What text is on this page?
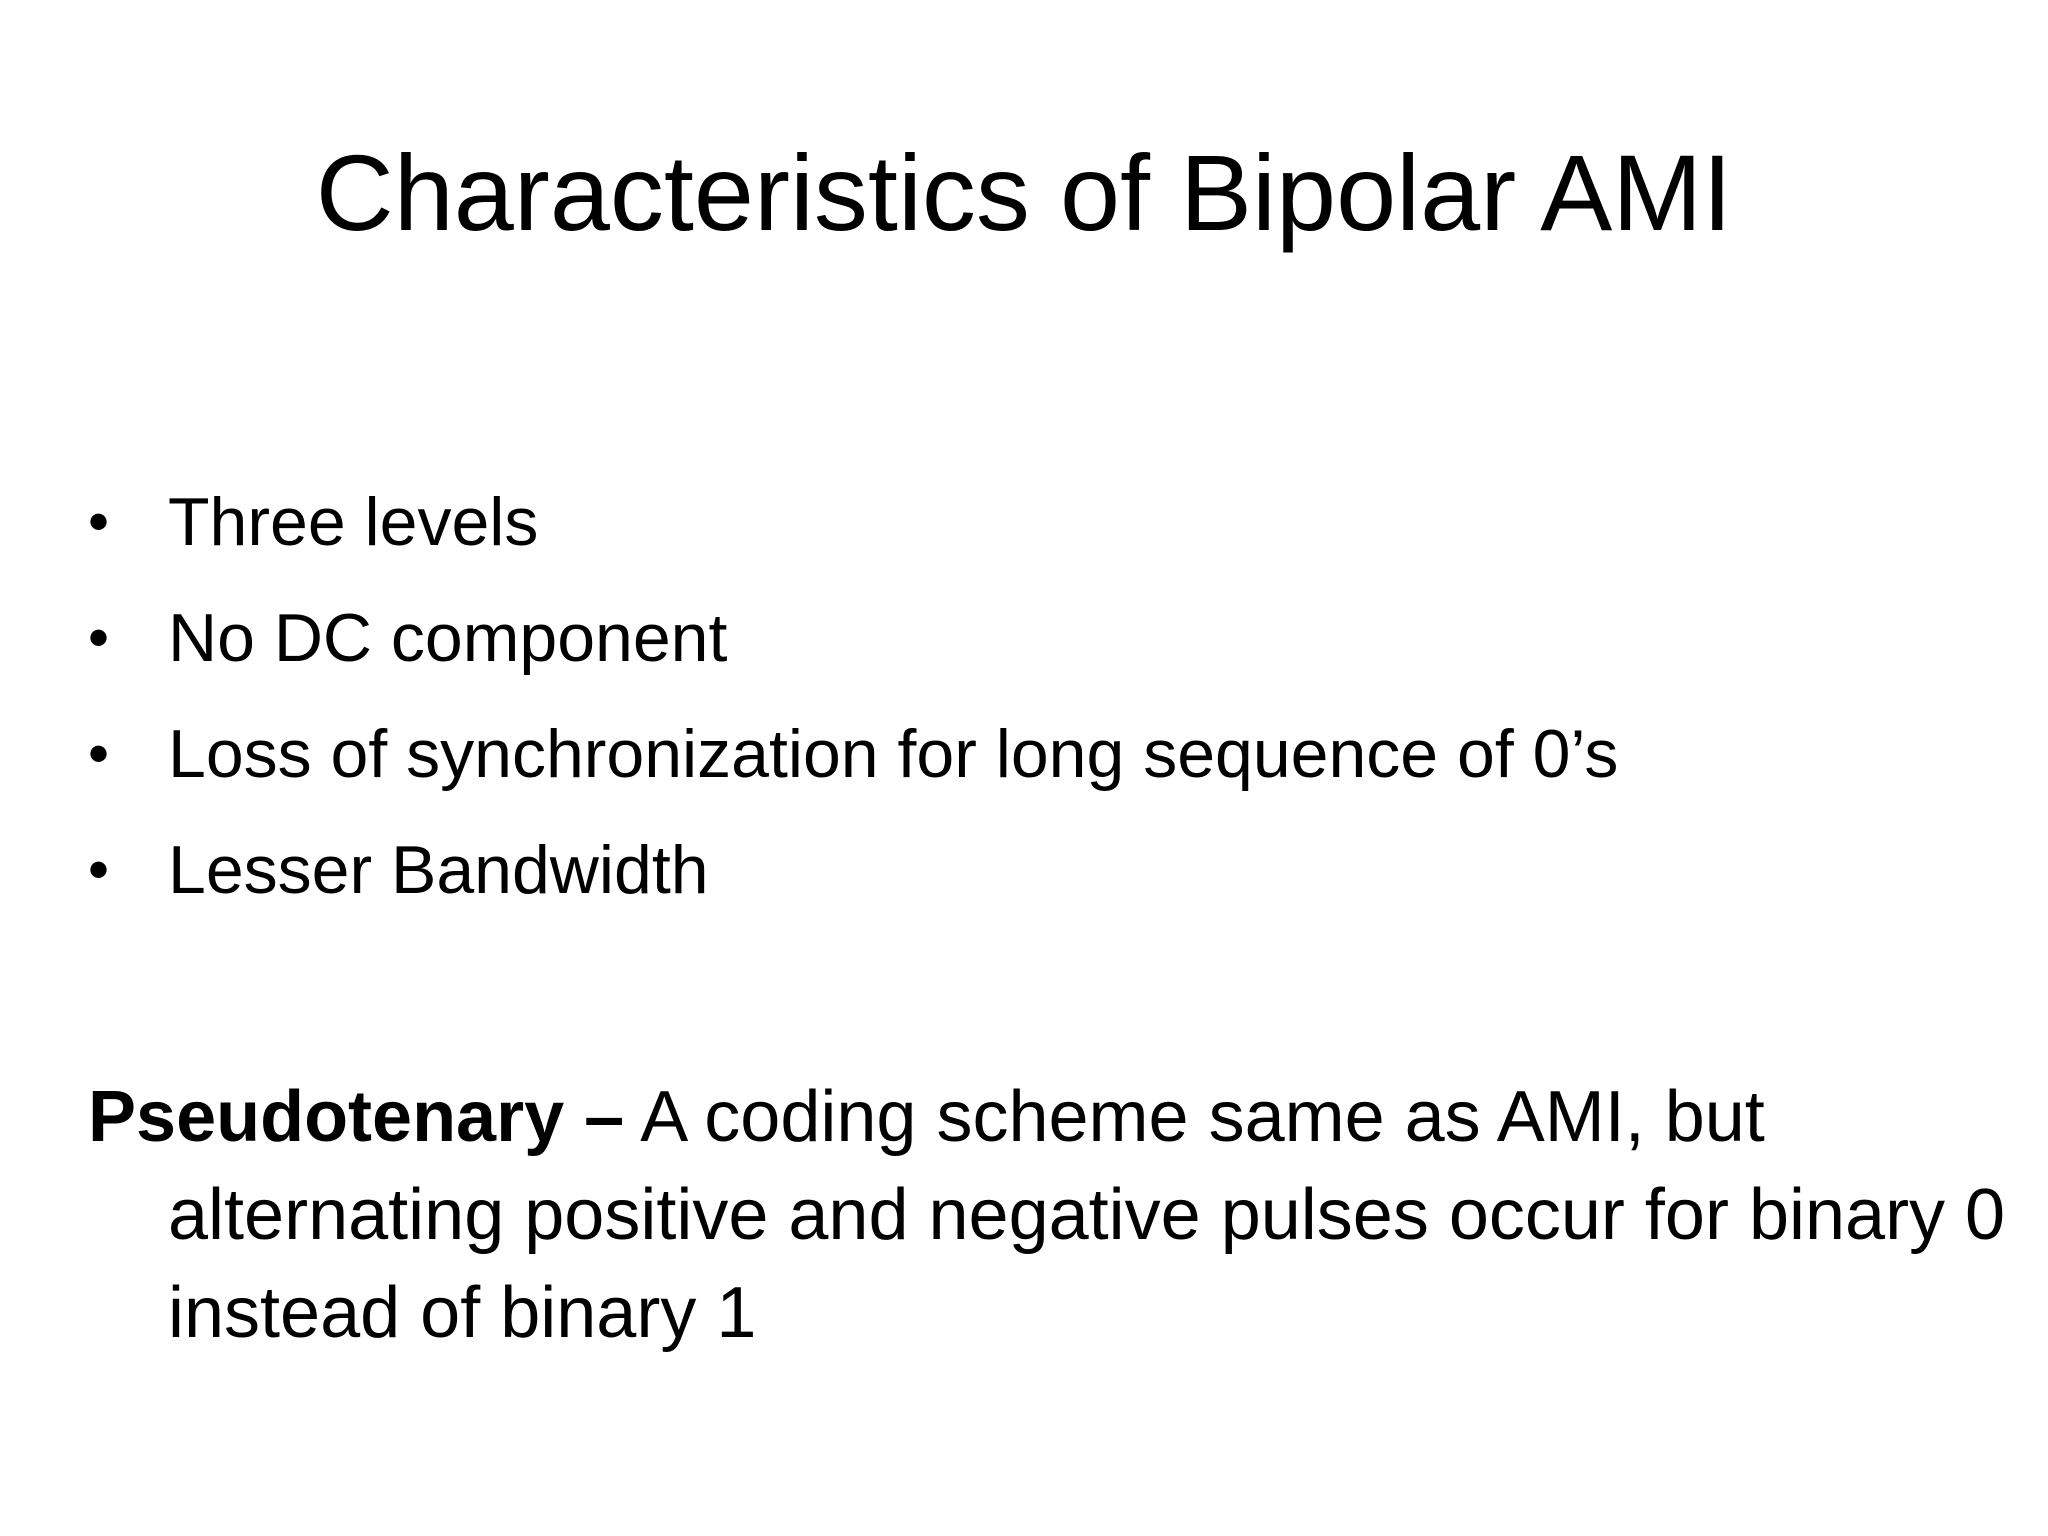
Characteristics of Bipolar AMI
• Three levels
• No DC component
• Loss of synchronization for long sequence of 0’s
• Lesser Bandwidth

Pseudotenary – A coding scheme same as AMI, but alternating positive and negative pulses occur for binary 0 instead of binary 1
